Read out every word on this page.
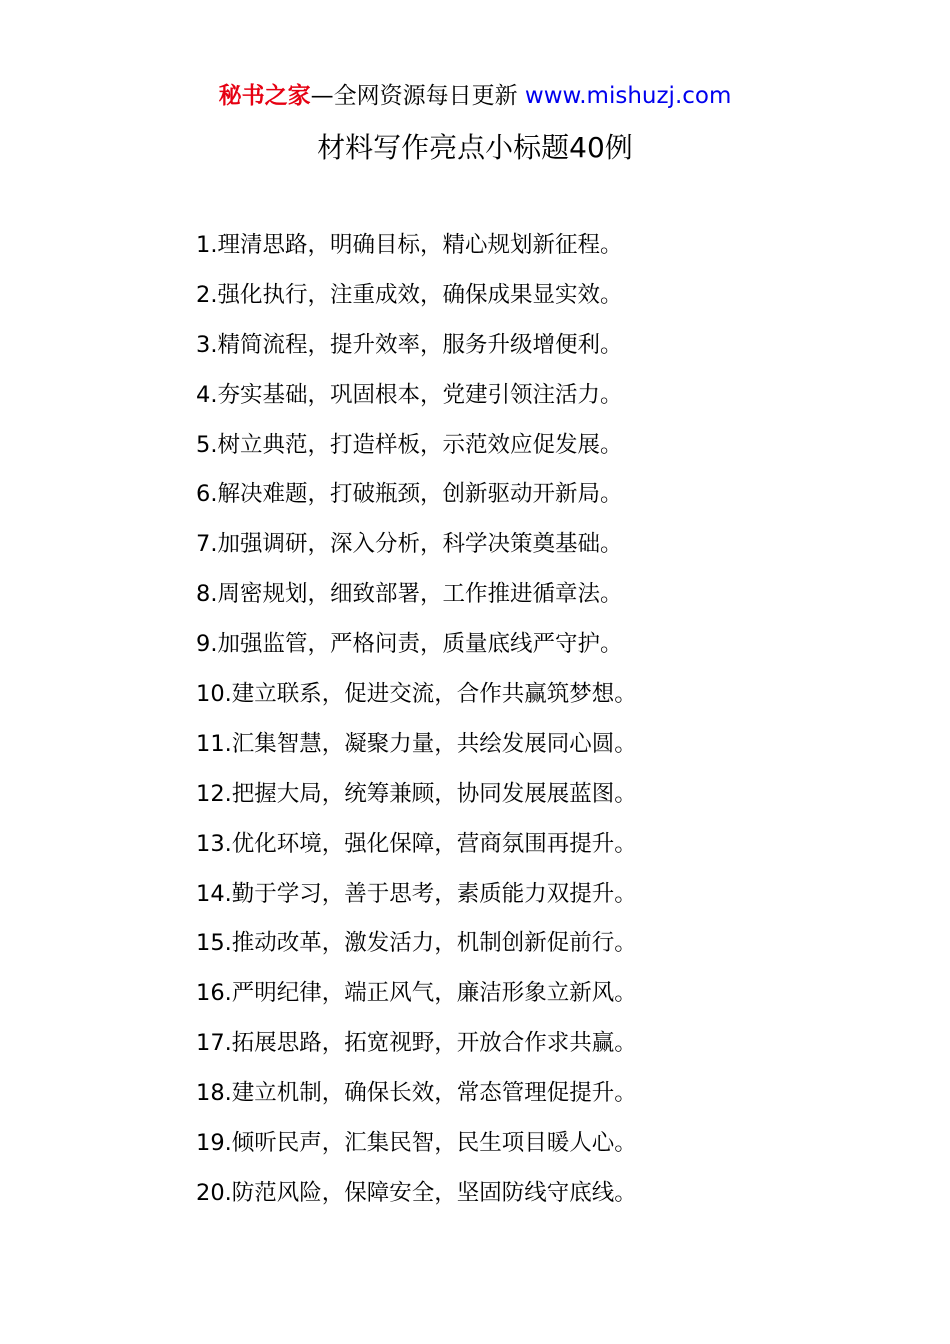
秘书之家—全网资源每日更新 www.mishuzj.com
材料写作亮点小标题40例
1.理清思路，明确目标，精心规划新征程。
2.强化执行，注重成效，确保成果显实效。
3.精简流程，提升效率，服务升级增便利。
4.夯实基础，巩固根本，党建引领注活力。
5.树立典范，打造样板，示范效应促发展。
6.解决难题，打破瓶颈，创新驱动开新局。
7.加强调研，深入分析，科学决策奠基础。
8.周密规划，细致部署，工作推进循章法。
9.加强监管，严格问责，质量底线严守护。
10.建立联系，促进交流，合作共赢筑梦想。
11.汇集智慧，凝聚力量，共绘发展同心圆。
12.把握大局，统筹兼顾，协同发展展蓝图。
13.优化环境，强化保障，营商氛围再提升。
14.勤于学习，善于思考，素质能力双提升。
15.推动改革，激发活力，机制创新促前行。
16.严明纪律，端正风气，廉洁形象立新风。
17.拓展思路，拓宽视野，开放合作求共赢。
18.建立机制，确保长效，常态管理促提升。
19.倾听民声，汇集民智，民生项目暖人心。
20.防范风险，保障安全，坚固防线守底线。
